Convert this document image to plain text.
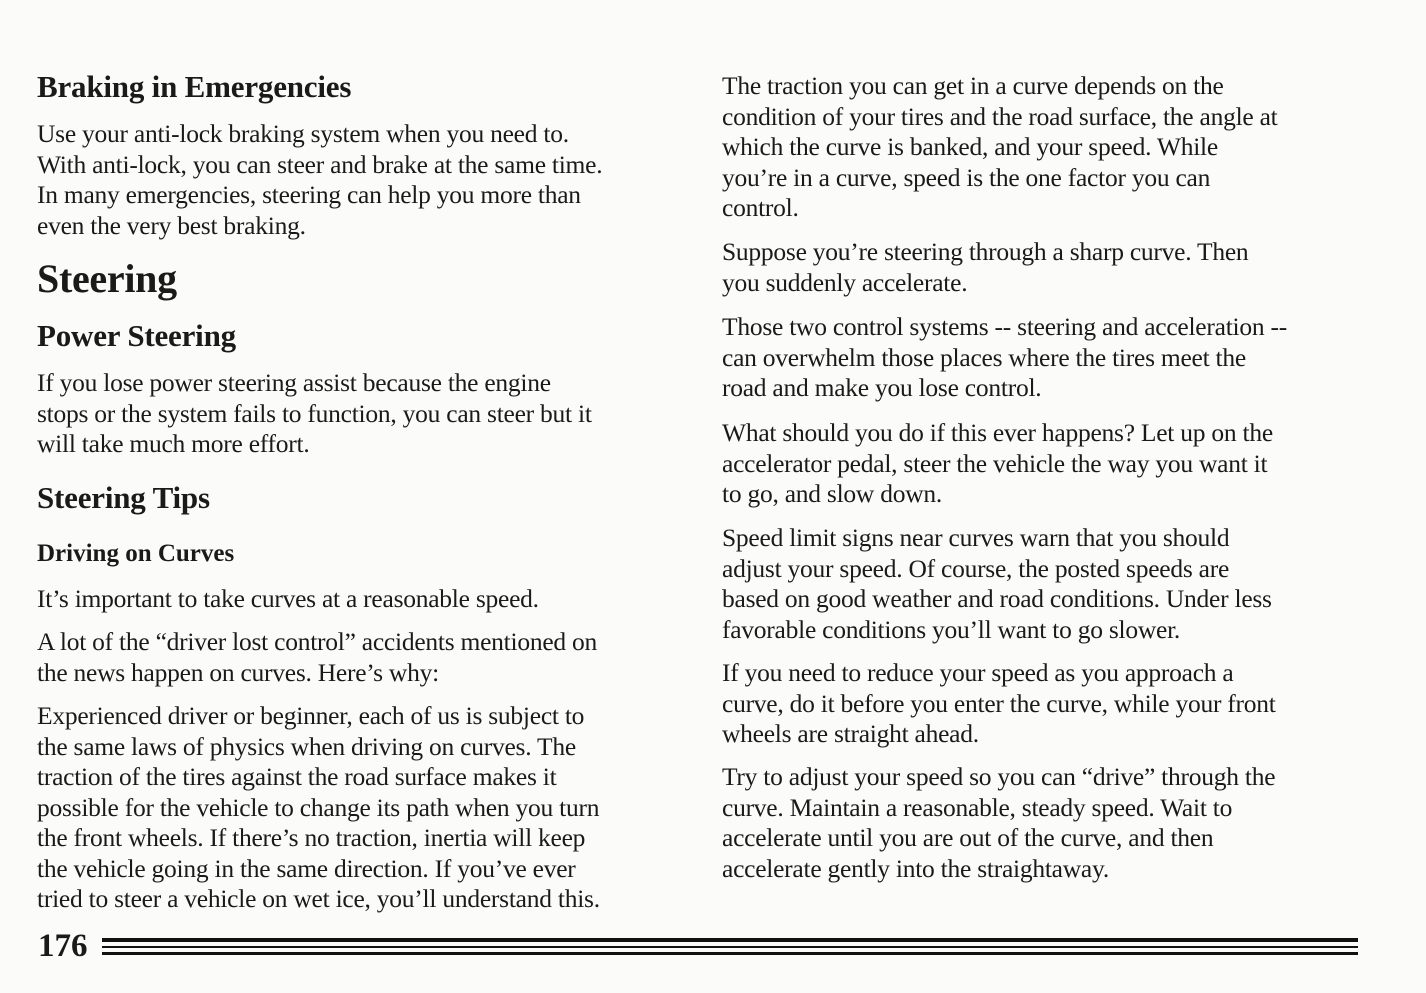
Braking in Emergencies

Use your anti-lock braking system when you need to.
With anti-lock, you can steer and brake at the same time.
In many emergencies, steering can help you more than
even the very best braking.

Steering
Power Steering

If you lose power steering assist because the engine
stops or the system fails to function, you can steer but it
will take much more effort.

Steering Tips
Driving on Curves

It’s important to take curves at a reasonable speed.

A lot of the “driver lost control” accidents mentioned on
the news happen on curves. Here’s why:

Experienced driver or beginner, each of us is subject to
the same laws of physics when driving on curves. The
traction of the tires against the road surface makes it
possible for the vehicle to change its path when you turn
the front wheels. If there’s no traction, inertia will keep
the vehicle going in the same direction. If you’ve ever
tried to steer a vehicle on wet ice, you’ll understand this.

The traction you can get in a curve depends on the
condition of your tires and the road surface, the angle at
which the curve is banked, and your speed. While
you’re in a curve, speed is the one factor you can
control.

Suppose you’re steering through a sharp curve. Then
you suddenly accelerate.

Those two control systems -- steering and acceleration --
can overwhelm those places where the tires meet the
road and make you lose control.

What should you do if this ever happens? Let up on the
accelerator pedal, steer the vehicle the way you want it
to go, and slow down.

Speed limit signs near curves warn that you should
adjust your speed. Of course, the posted speeds are
based on good weather and road conditions. Under less
favorable conditions you’ll want to go slower.

If you need to reduce your speed as you approach a
curve, do it before you enter the curve, while your front
wheels are straight ahead.

Try to adjust your speed so you can “drive” through the
curve. Maintain a reasonable, steady speed. Wait to
accelerate until you are out of the curve, and then
accelerate gently into the straightaway.

176
